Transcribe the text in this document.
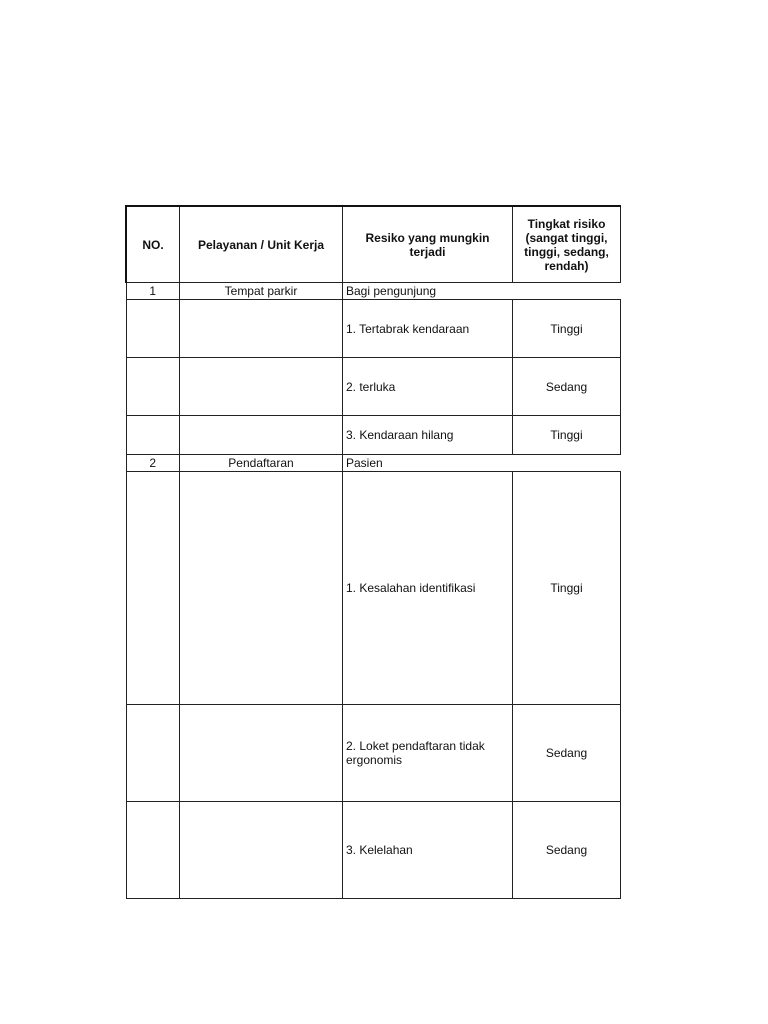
NO.	Pelayanan / Unit Kerja	Resiko yang mungkin terjadi	Tingkat risiko (sangat tinggi, tinggi, sedang, rendah)
1	Tempat parkir	Bagi pengunjung	
		1. Tertabrak kendaraan	Tinggi
		2. terluka	Sedang
		3. Kendaraan hilang	Tinggi
2	Pendaftaran	Pasien	
		1. Kesalahan identifikasi	Tinggi
		2. Loket pendaftaran tidak ergonomis	Sedang
		3. Kelelahan	Sedang
